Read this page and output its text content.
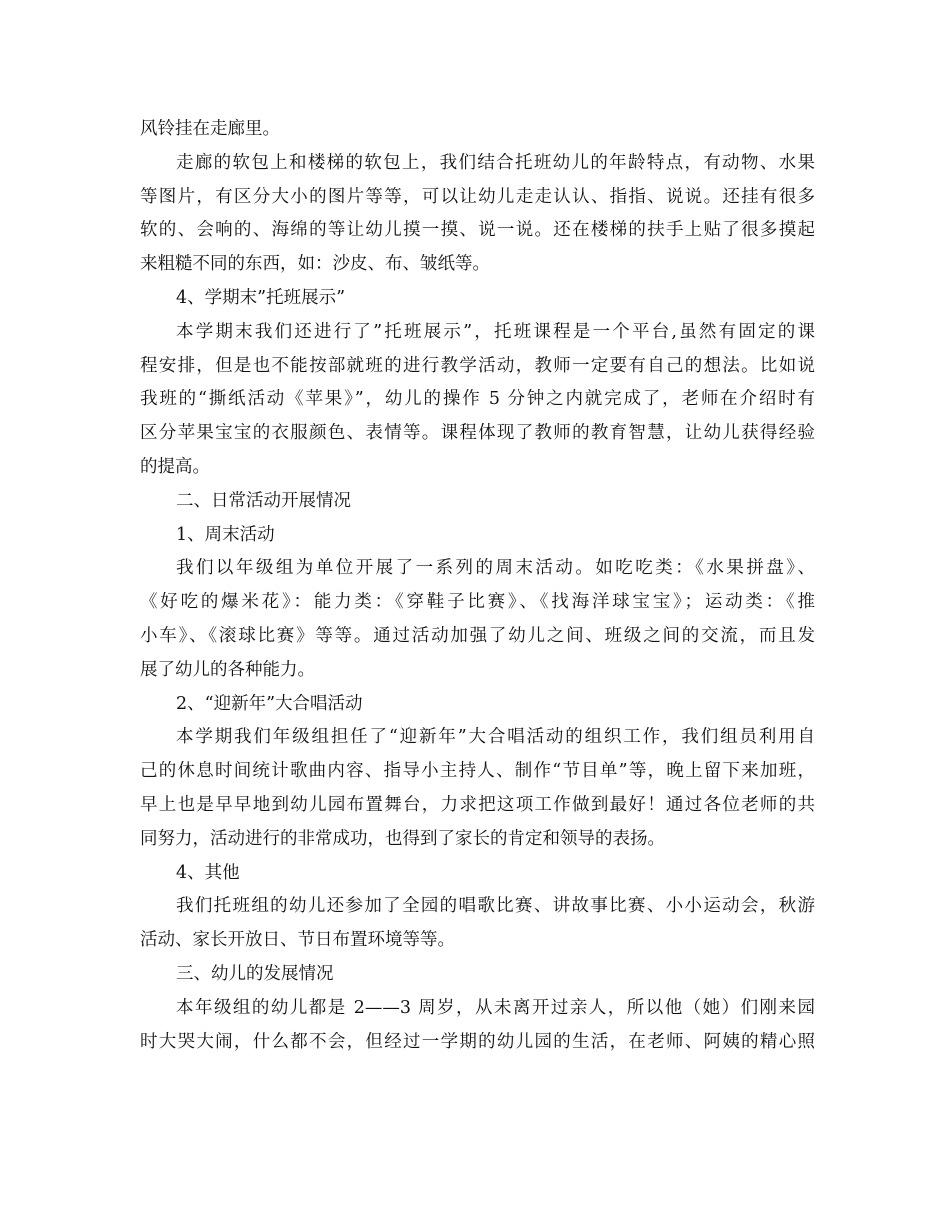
风铃挂在走廊里。
走廊的软包上和楼梯的软包上，我们结合托班幼儿的年龄特点，有动物、水果
等图片，有区分大小的图片等等，可以让幼儿走走认认、指指、说说。还挂有很多
软的、会响的、海绵的等让幼儿摸一摸、说一说。还在楼梯的扶手上贴了很多摸起
来粗糙不同的东西，如：沙皮、布、皱纸等。
4、学期末”托班展示”
本学期末我们还进行了”托班展示”，托班课程是一个平台,虽然有固定的课
程安排，但是也不能按部就班的进行教学活动，教师一定要有自己的想法。比如说
我班的“撕纸活动《苹果》”，幼儿的操作 5 分钟之内就完成了，老师在介绍时有
区分苹果宝宝的衣服颜色、表情等。课程体现了教师的教育智慧，让幼儿获得经验
的提高。
二、日常活动开展情况
1、周末活动
我们以年级组为单位开展了一系列的周末活动。如吃吃类：《水果拼盘》、
《好吃的爆米花》：能力类：《穿鞋子比赛》、《找海洋球宝宝》；运动类：《推
小车》、《滚球比赛》等等。通过活动加强了幼儿之间、班级之间的交流，而且发
展了幼儿的各种能力。
2、“迎新年”大合唱活动
本学期我们年级组担任了“迎新年”大合唱活动的组织工作，我们组员利用自
己的休息时间统计歌曲内容、指导小主持人、制作“节目单”等，晚上留下来加班，
早上也是早早地到幼儿园布置舞台，力求把这项工作做到最好！通过各位老师的共
同努力，活动进行的非常成功，也得到了家长的肯定和领导的表扬。
4、其他
我们托班组的幼儿还参加了全园的唱歌比赛、讲故事比赛、小小运动会，秋游
活动、家长开放日、节日布置环境等等。
三、幼儿的发展情况
本年级组的幼儿都是 2——3 周岁，从未离开过亲人，所以他（她）们刚来园
时大哭大闹，什么都不会，但经过一学期的幼儿园的生活，在老师、阿姨的精心照
